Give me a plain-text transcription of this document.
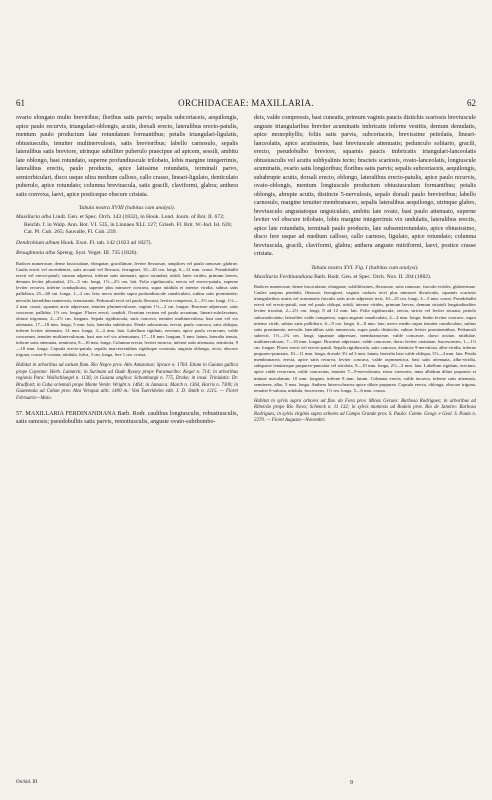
61	ORCHIDACEAE: MAXILLARIA.	62

ovario elongato multo breviribus; floribus satis parvis; sepalis subcoriaceis, aequilongis, apice paulo recurvis, triangulari-oblongis, acutis, dorsali erecto, lateralibus erecto-patulis, mentum paulo productum late rotundatum formantibus; petalis triangulari-ligulatis, obtusiusculis, tenuiter multinervulosis, satis brevioribus; labello carnosulo, sepalis lateralibus satis breviore, utrinque subtiliter puberulo praecipue ad apicem, sessili, ambitu late oblongo, basi rotundato, superne profundiuscule trilobato, lobis margine integerrimis, lateralibus erectis, paulo productis, apice latissime rotundatis, terminali parvo, semiorbiculari, disco usque ultra medium calloso, callo crasso, lineari-ligulato, denticulato puberulo, apice rotundato; columna breviuscula, satis gracili, claviformi, glabra; anthera satis convexa, laevi, apice posticeque obscure cristata.

Tabula nostra XVIII (habitus cum analysi).

Maxillaria alba Lindl. Gen. et Spec. Orch. 143 (1832), in Hook. Lond. Journ. of Bot. II. 672; Reichb. f. in Walp. Ann. Bot. VI. 535, in Linnaea XLI. 127; Griseb. Fl. Brit. W.-Ind. Isl. 626; Cat. Pl. Cub. 265; Sauvalle, Fl. Cub. 239.

Dendrobium album Hook. Exot. Fl. tab. 142 (1823 ad 1827).

Broughtonia alba Spreng. Syst. Veget. III. 735 (1826).

Radices numerosae, dense fasciculatae, elongatae, gracillimae, leviter flexuosae, simplices vel paulo ramosae, glabrae. Caulis erecti vel ascendentes, satis arcuati vel flexuosi, ferruginei, 10—20 cm. longi, 6—12 mm. crassi. Pseudobulbi erecti vel erecto-patuli, sursum adpressi, inferne satis attenuati, apice rotundati, nitidi, laete virides, primum laeves, demum leviter plicatulati, 2½—5 cm. longi, 1½—2½ cm. lati. Folia rigidiuscula, erecta vel erecto-patula, superne leviter recurva, inferne conduplicata, superne plus minusve concava, supra nitidula et intense viridia, subtus satis pallidiora, 25—60 cm. longa, 1—2 cm. lata; nervo medio supra profundiuscule canaliculato, subtus satis prominente; nervulis lateralibus numerosis, tenuissimis. Pedunculi recti vel paulo flexuosi, leviter compressi, 2—3½ cm. longi, 1½—2 mm. crassi; squamis arcte adpressae, tenuiter plurinervulosae, vaginis 1½—2 cm. longae. Bracteae adpressae, satis concavae, pallidae, 1½ cm. longae. Flores erecti, candidi. Ovarium rectum vel paulo arcuatum, lineari-subclavatum, obtuse trigonum, 2—2½ cm. longum. Sepala rigidiuscula, satis concava, tenuiter multinervulosa, basi non vel vix attenuata, 17—18 mm. longa, 5 mm. lata, lateralia subfalcata. Petala subcarnosa, erecta, paulo concava, satis obliqua, inferne leviter attenuata, 14 mm. longa, 3—4 mm. lata. Labellum rigidum, erectum, apice paulo recurvum, valde concavum, tenuiter multinervulosum, basi non vel vix attenuatum, 17—18 mm. longum, 5 mm. latum, lateralia tenuia, inferne satis attenuata, semitorta, 9—10 mm. longa. Columna erecta, leviter incurva, inferne satis attenuata, semitorta, 9—10 mm. longa. Capsula erecto-patula, sepalis marcescentibus rigidisque coronata, angusta oblonga, recta, obscure trigona, crasse 6-costata, nitidula, fulva, 3 cm. longa, fere 1 cm. crassa.

Habitat in arboribus ad ostium flum. Rio Negro prov. Alto Amazonas: Spruce n. 1764. Etiam in Guiana gallica prope Cayenne: Herb. Lamarck; in Surinam ad Oude Ryssey prope Paramaribo: Kegel n. 714; in arboribus regionis Para: Wullschlaegel n. 1136; in Guiana anglica: Schomburgk n. 775, Drake; in insul. Trinidatis: Dr. Bradford; in Cuba orientali prope Monte Verde: Wright n. 1464; in Jamaica: March n. 1364, Harris n. 7300; in Guatemala ad Coban prov. Alta Verapaz altit. 1400 m.: Von Tuerckheim edit. J. D. Smith n. 1215. — Floret Februario—Maio.

57. MAXILLARIA FERDINANDIANA Barb. Rodr. caulibus longiusculis, robustiusculis, satis ramosis; pseudobulbis satis parvis, remotiusculis, anguste ovato-subrhombo-

deis, valde compressis, basi cuneatis, primum vaginis paucis distichis scariosis breviuscule anguste triangularibus breviter acuminatis imbricatis inferne vestitis, demum denudatis, apice monophyllis; foliis satis parvis, subcoriaceis, brevissime petiolatis, lineari-lanceolatis, apice acutissimis, basi breviuscule attenuatis; pedunculo solitario, gracili, erecto, pseudobulbo breviore, squamis paucis imbricatis triangulari-lanceolatis obtusiusculis vel acutis subhyalinis tecto; bracteis scariosis, ovato-lanceolatis, longiuscule acuminatis, ovario satis longioribus; floribus satis parvis; sepalis subcoriaceis, aequilongis, subabrupte acutis, dorsali erecto, oblongo, lateralibus erecto-patulis, apice paulo recurvis, ovato-oblongis, mentum longiuscule productum obtusiusculum formantibus; petalis oblongis, abrupte acutis, distincte 5-nervulosis, sepalo dorsali paulo brevioribus; labello carnosulo, margine tenuiter membranaceo, sepalis lateralibus aequilongo, utrinque glabro, breviusculo angustatoque unguiculato, ambitu late ovato, basi paulo attenuato, superne leviter vel obscure trilobato, lobis margine integerrimis vix undulatis, lateralibus erectis, apice late rotundatis, terminali paulo producto, late subsemirotundato, apice obtusissimo, disco fere usque ad medium calloso, callo carnoso, ligulato, apice rotundato; columna breviuscula, gracili, claviformi, glabra; anthera anguste mitriformi, laevi, postice crasse cristata.

Tabula nostra XVI. Fig. I (habitus cum analysi).

Maxillaria Ferdinandiana Barb. Rodr. Gen. et Spec. Orch. Nov. II. 204 (1882).

Radices numerosae, dense fasciculatae, elongatae, subfiliformes, flexuosae, satis ramosae, fusculo-virides, glaberrimae. Caules saepius pendulti, flexuosi, ferruginei, vaginis caducis tecti plus minusve divaricatis, squamis scariosis triangularibus acutis vel acuminatis fusculis satis arcte adpressis tecti, 10—25 cm. longi, 3—5 mm. crassi. Pseudobulbi erecti vel erecto-patuli, non vel paulo obliqui, nitidi, intense virides, primum laeves, demum striatuli longitudinaliter leviter triculati, 2—2½ cm. longi, 8 ad 12 mm. lati. Folia rigidiuscula, erecta, stricta vel leviter arcuata; petiolo subcanaliculato, lateraliter valde compresso, supra anguste canaliculato, 2—4 mm. longo; limbo leviter concavo, supra intense viridi, subtus satis pallidiore, 6—9 cm. longo, 6—8 mm. lato; nervo medio supra tenuiter canaliculato, subtus satis prominente; nervulis lateralibus satis numerosis, supra paulo distinctis, subtus leviter prominentibus. Pedunculi subrecti, 1½—1¾ cm. longi; squamae adpressae, membranaceae, valde concavae, dorso acutae, nitidulae, multinervulosae, 7—10 mm. longae. Bracteae adpressae, valde concavae, dorso leviter carinatae, fuscescentes, 1—1½ cm. longae. Flores erecti vel erecto-patuli. Sepala rigidiuscula, satis concava, distincte 9-nervulosa, albo-viridia, inferne purpureo-punctata, 10—11 mm. longa, dorsale 3½ ad 3 mm. latum, lateralia basi valde obliqua, 3½—4 mm. lata. Petala membranacea, erecta, apice satis recurva, leviter concava, valde asymmetrica, basi satis attenuata, albo-viridia, subsparse tenuiterque purpureo-punctata vel striolata, 9—10 mm. longa, 2½—3 mm. lata. Labellum rigidum, erectum, apice valde recurvum, valde concavum, tenuiter 7—9-nervulosum, extus virescens, intus albidum dilute purpureo et minute maculatum, 10 mm. longum, inferne 8 mm. latum. Columna erecta, valde incurva, inferne satis attenuata, semiterea, albo, 5 mm. longa. Anthera lutea-ochracea apice dilute purpurea. Capsula erecta, oblonga, obscure trigona, tenuiter 6-sulcata, nitidula, fuscescens, 1½ cm. longa, 5—6 mm. crassa.

Habitat in sylvis supra arbores ad fluv. do Fora prov. Minas Geraes: Barbosa Rodrigues; in arboribus ad Ribeirão prope Rio Novo; Schenck n. 11 132; in sylvis montosis ad Rodeio prov. Rio de Janeiro: Barbosa Rodrigues; in sylvis virginis supra arbores ad Campo Grande prov. S. Paulo: Comm. Geogr. e Geol. S. Paulo n. 2270. — Floret Augusto—Novembri.

Orchid. III	9
